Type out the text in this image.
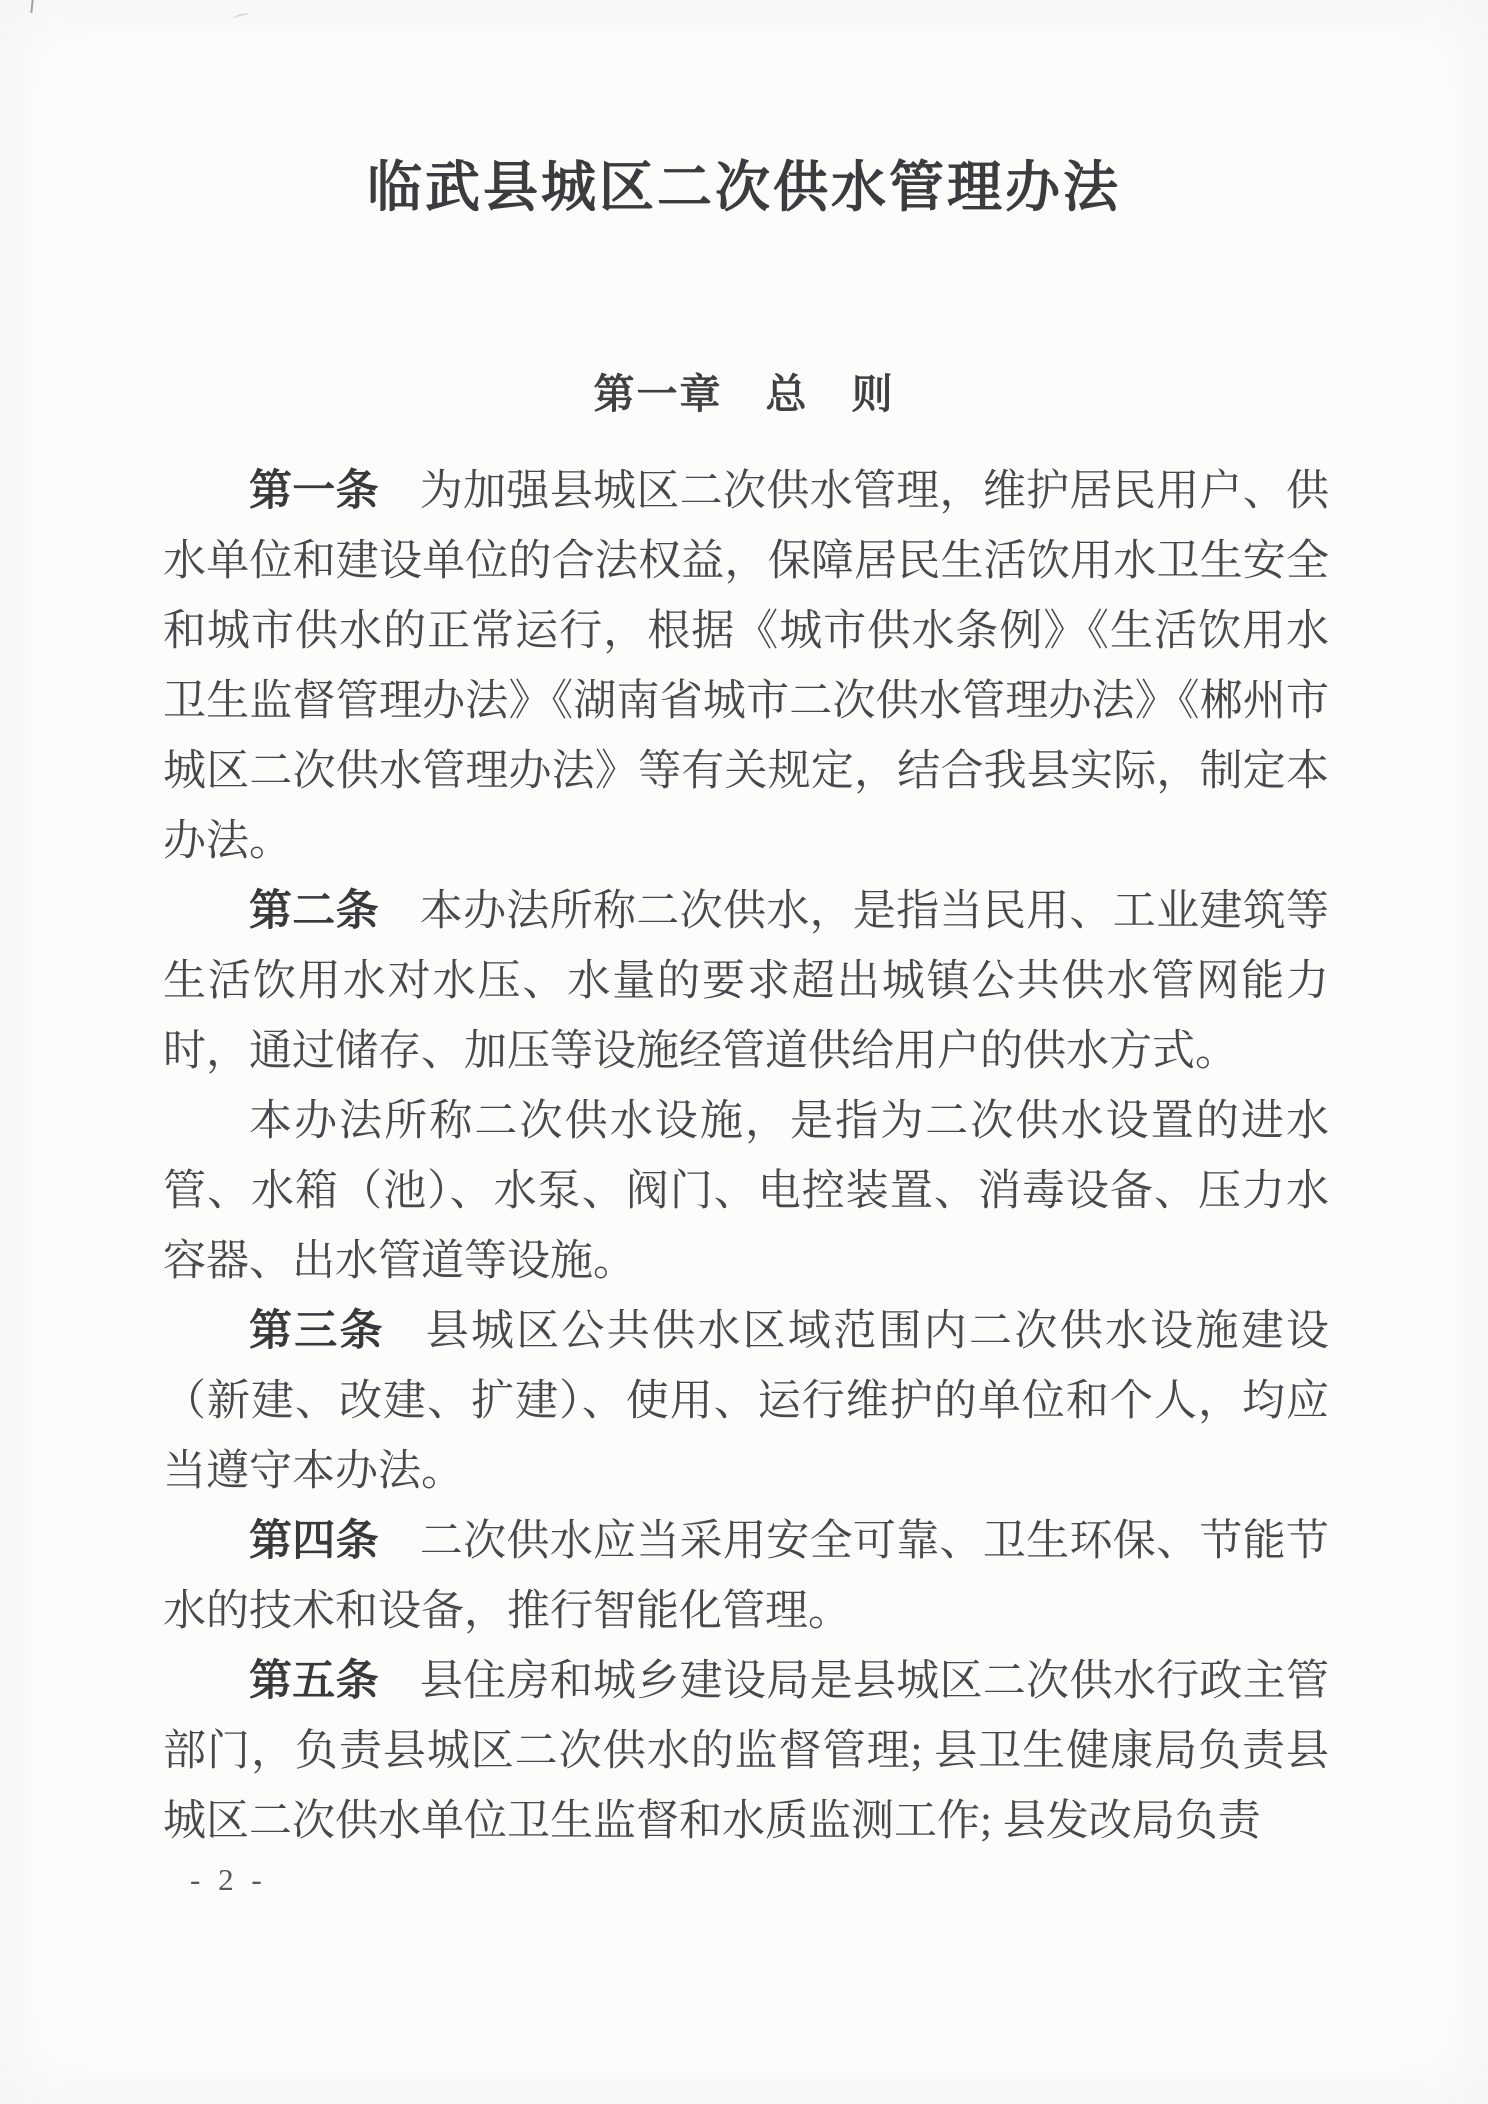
临武县城区二次供水管理办法
第一章　总　则

第一条 为加强县城区二次供水管理，维护居民用户、供水单位和建设单位的合法权益，保障居民生活饮用水卫生安全和城市供水的正常运行，根据《城市供水条例》《生活饮用水卫生监督管理办法》《湖南省城市二次供水管理办法》《郴州市城区二次供水管理办法》等有关规定，结合我县实际，制定本办法。

第二条 本办法所称二次供水，是指当民用、工业建筑等生活饮用水对水压、水量的要求超出城镇公共供水管网能力时，通过储存、加压等设施经管道供给用户的供水方式。

本办法所称二次供水设施，是指为二次供水设置的进水管、水箱（池）、水泵、阀门、电控装置、消毒设备、压力水容器、出水管道等设施。

第三条 县城区公共供水区域范围内二次供水设施建设（新建、改建、扩建）、使用、运行维护的单位和个人，均应当遵守本办法。

第四条 二次供水应当采用安全可靠、卫生环保、节能节水的技术和设备，推行智能化管理。

第五条 县住房和城乡建设局是县城区二次供水行政主管部门，负责县城区二次供水的监督管理; 县卫生健康局负责县城区二次供水单位卫生监督和水质监测工作; 县发改局负责

- 2 -
